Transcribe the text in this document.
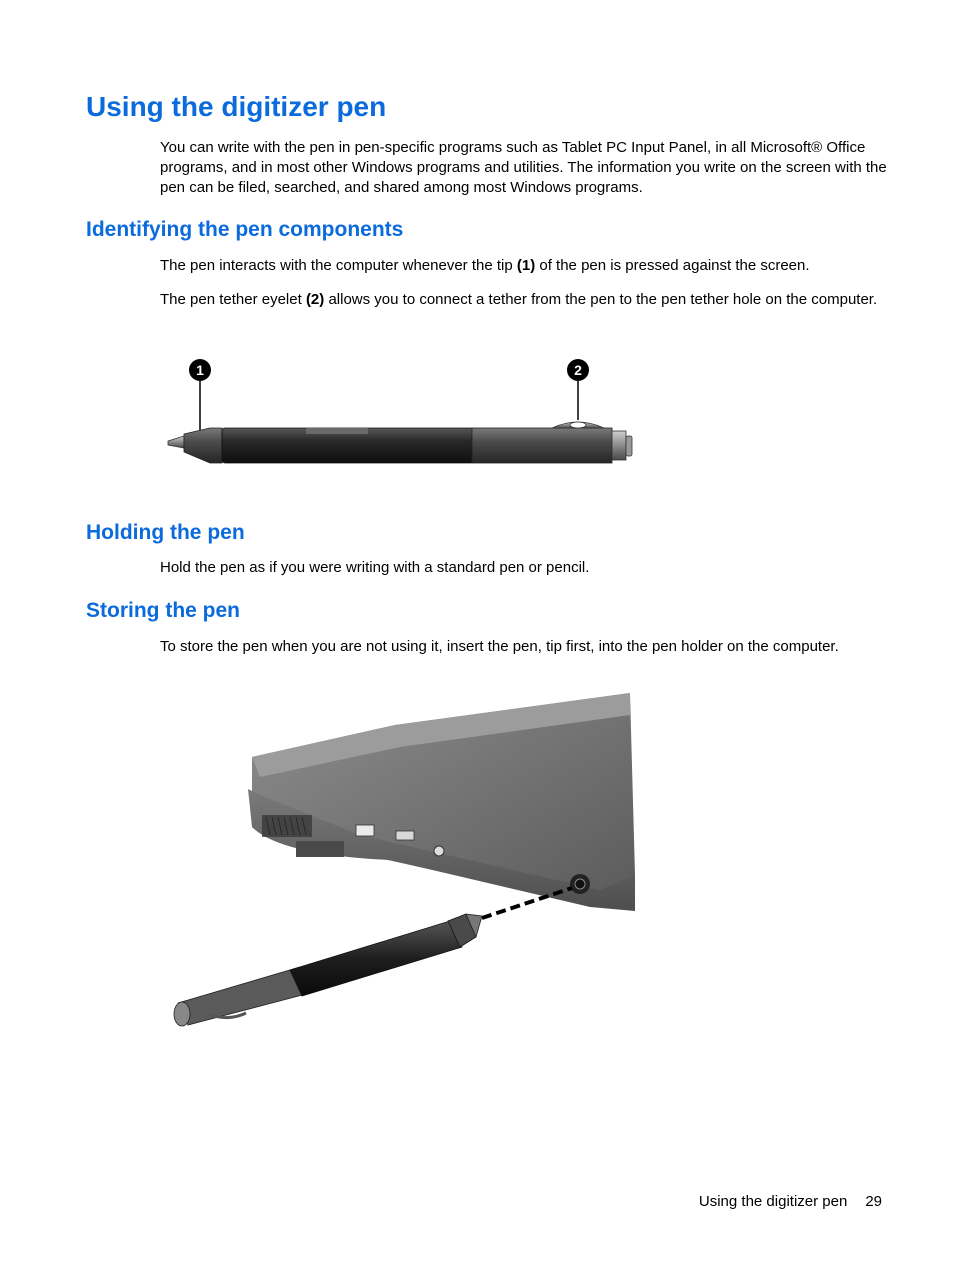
Using the digitizer pen

You can write with the pen in pen-specific programs such as Tablet PC Input Panel, in all Microsoft® Office programs, and in most other Windows programs and utilities. The information you write on the screen with the pen can be filed, searched, and shared among most Windows programs.

Identifying the pen components

The pen interacts with the computer whenever the tip (1) of the pen is pressed against the screen.

The pen tether eyelet (2) allows you to connect a tether from the pen to the pen tether hole on the computer.

1	2
Holding the pen

Hold the pen as if you were writing with a standard pen or pencil.

Storing the pen

To store the pen when you are not using it, insert the pen, tip first, into the pen holder on the computer.

Using the digitizer pen 29
